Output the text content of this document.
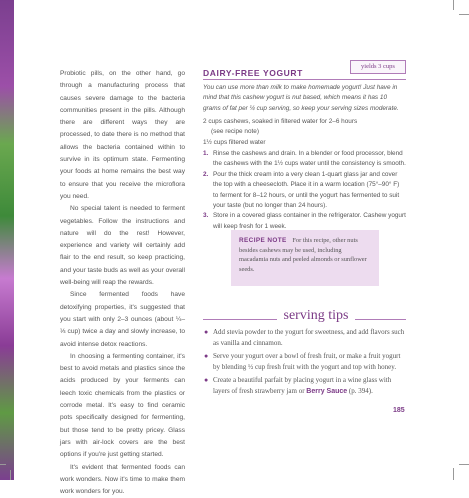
Probiotic pills, on the other hand, go through a manufacturing process that causes severe damage to the bacteria communities present in the pills. Although there are different ways they are processed, to date there is no method that allows the bacteria contained within to survive in its optimum state. Fermenting your foods at home remains the best way to ensure that you receive the microflora you need.

No special talent is needed to ferment vegetables. Follow the instructions and nature will do the rest! However, experience and variety will certainly add flair to the end result, so keep practicing, and your taste buds as well as your overall well-being will reap the rewards.

Since fermented foods have detoxifying properties, it's suggested that you start with only 2–3 ounces (about ¼–⅓ cup) twice a day and slowly increase, to avoid intense detox reactions.

In choosing a fermenting container, it's best to avoid metals and plastics since the acids produced by your ferments can leech toxic chemicals from the plastics or corrode metal. It's easy to find ceramic pots specifically designed for fermenting, but those tend to be pretty pricey. Glass jars with air-lock covers are the best options if you're just getting started.

It's evident that fermented foods can work wonders. Now it's time to make them work wonders for you.

yields 3 cups
DAIRY-FREE YOGURT
You can use more than milk to make homemade yogurt! Just have in mind that this cashew yogurt is nut based, which means it has 10 grams of fat per ¼ cup serving, so keep your serving sizes moderate.
2 cups cashews, soaked in filtered water for 2–6 hours
(see recipe note)
1½ cups filtered water
1. Rinse the cashews and drain. In a blender or food processor, blend the cashews with the 1½ cups water until the consistency is smooth.
2. Pour the thick cream into a very clean 1-quart glass jar and cover the top with a cheesecloth. Place it in a warm location (75°–90° F) to ferment for 8–12 hours, or until the yogurt has fermented to suit your taste (but no longer than 24 hours).
3. Store in a covered glass container in the refrigerator. Cashew yogurt will keep fresh for 1 week.
RECIPE NOTE For this recipe, other nuts besides cashews may be used, including macadamia nuts and peeled almonds or sunflower seeds.
serving tips
● Add stevia powder to the yogurt for sweetness, and add flavors such as vanilla and cinnamon.
● Serve your yogurt over a bowl of fresh fruit, or make a fruit yogurt by blending ½ cup fresh fruit with the yogurt and top with honey.
● Create a beautiful parfait by placing yogurt in a wine glass with layers of fresh strawberry jam or Berry Sauce (p. 394).
185
